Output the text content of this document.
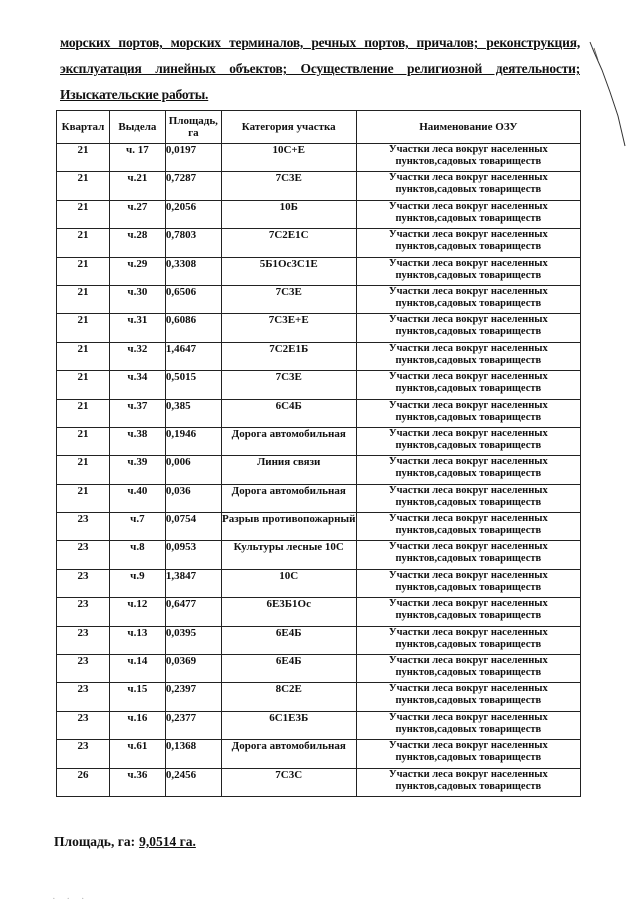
морских портов, морских терминалов, речных портов, причалов; реконструкция,
эксплуатация линейных объектов; Осуществление религиозной деятельности;
Изыскательские работы.
Квартал	Выдела	Площадь, га	Категория участка	Наименование ОЗУ
21	ч. 17	0,0197	10С+Е	Участки леса вокруг населенных пунктов,садовых товариществ
21	ч.21	0,7287	7С3Е	Участки леса вокруг населенных пунктов,садовых товариществ
21	ч.27	0,2056	10Б	Участки леса вокруг населенных пунктов,садовых товариществ
21	ч.28	0,7803	7С2Е1С	Участки леса вокруг населенных пунктов,садовых товариществ
21	ч.29	0,3308	5Б1Ос3С1Е	Участки леса вокруг населенных пунктов,садовых товариществ
21	ч.30	0,6506	7С3Е	Участки леса вокруг населенных пунктов,садовых товариществ
21	ч.31	0,6086	7С3Е+Е	Участки леса вокруг населенных пунктов,садовых товариществ
21	ч.32	1,4647	7С2Е1Б	Участки леса вокруг населенных пунктов,садовых товариществ
21	ч.34	0,5015	7С3Е	Участки леса вокруг населенных пунктов,садовых товариществ
21	ч.37	0,385	6С4Б	Участки леса вокруг населенных пунктов,садовых товариществ
21	ч.38	0,1946	Дорога автомобильная	Участки леса вокруг населенных пунктов,садовых товариществ
21	ч.39	0,006	Линия связи	Участки леса вокруг населенных пунктов,садовых товариществ
21	ч.40	0,036	Дорога автомобильная	Участки леса вокруг населенных пунктов,садовых товариществ
23	ч.7	0,0754	Разрыв противопожарный	Участки леса вокруг населенных пунктов,садовых товариществ
23	ч.8	0,0953	Культуры лесные 10С	Участки леса вокруг населенных пунктов,садовых товариществ
23	ч.9	1,3847	10С	Участки леса вокруг населенных пунктов,садовых товариществ
23	ч.12	0,6477	6Е3Б1Ос	Участки леса вокруг населенных пунктов,садовых товариществ
23	ч.13	0,0395	6Е4Б	Участки леса вокруг населенных пунктов,садовых товариществ
23	ч.14	0,0369	6Е4Б	Участки леса вокруг населенных пунктов,садовых товариществ
23	ч.15	0,2397	8С2Е	Участки леса вокруг населенных пунктов,садовых товариществ
23	ч.16	0,2377	6С1Е3Б	Участки леса вокруг населенных пунктов,садовых товариществ
23	ч.61	0,1368	Дорога автомобильная	Участки леса вокруг населенных пунктов,садовых товариществ
26	ч.36	0,2456	7С3С	Участки леса вокруг населенных пунктов,садовых товариществ
Площадь, га: 9,0514 га.
· · ·
